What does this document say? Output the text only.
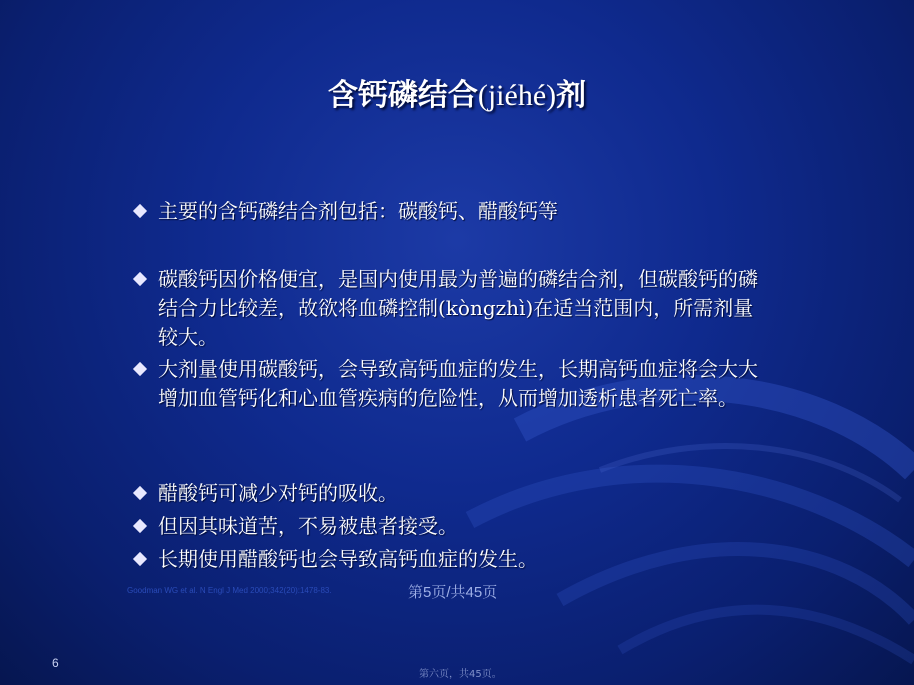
含钙磷结合(jiéhé)剂

主要的含钙磷结合剂包括：碳酸钙、醋酸钙等

碳酸钙因价格便宜，是国内使用最为普遍的磷结合剂，但碳酸钙的磷结合力比较差，故欲将血磷控制(kòngzhì)在适当范围内，所需剂量较大。

大剂量使用碳酸钙，会导致高钙血症的发生，长期高钙血症将会大大增加血管钙化和心血管疾病的危险性，从而增加透析患者死亡率。

醋酸钙可减少对钙的吸收。

但因其味道苦，不易被患者接受。

长期使用醋酸钙也会导致高钙血症的发生。

Goodman WG et al. N Engl J Med 2000;342(20):1478-83.	第5页/共45页
6
第六页，共45页。
